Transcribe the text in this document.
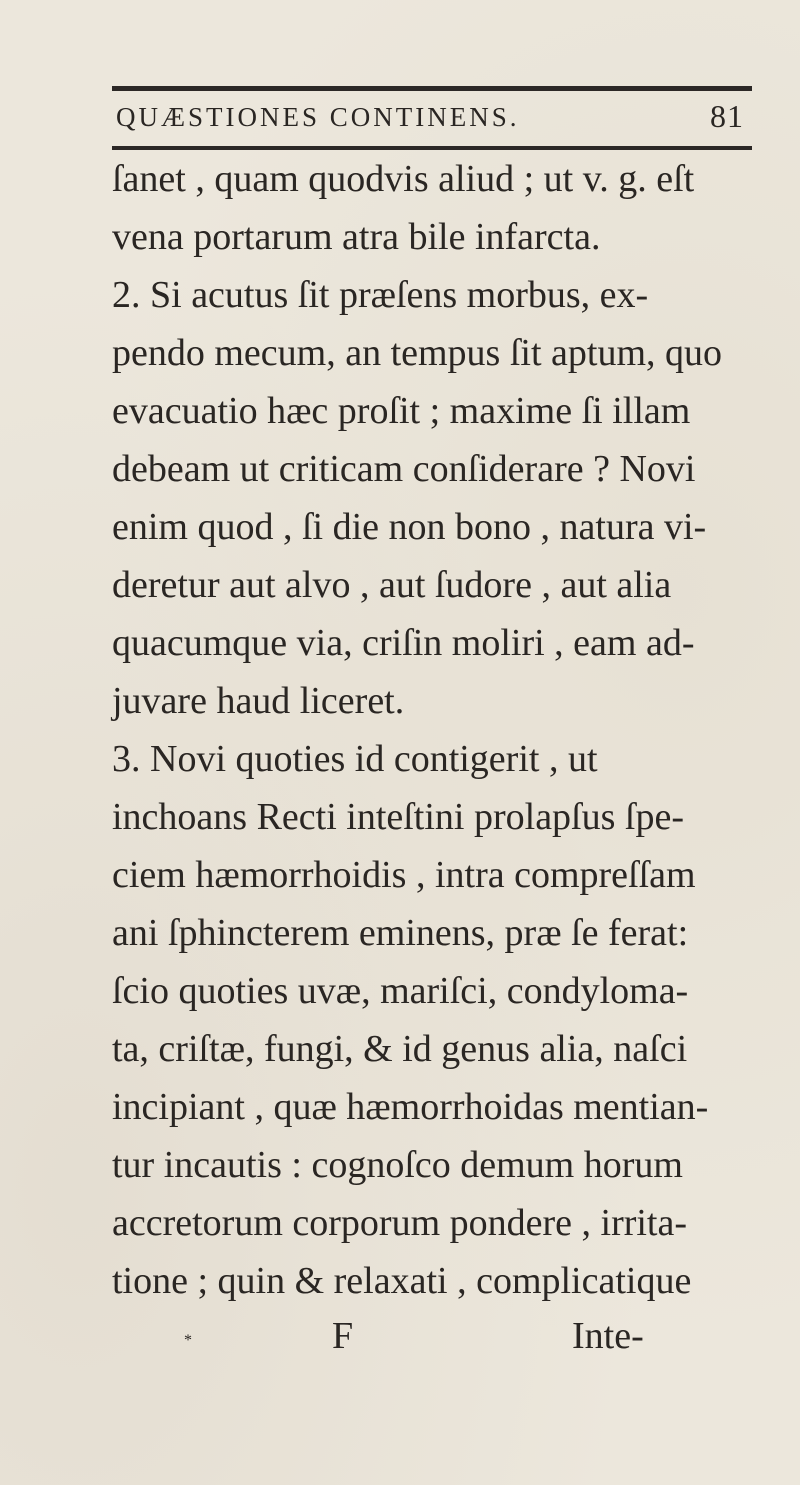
QUÆSTIONES CONTINENS.	81
ſanet , quam quodvis aliud ; ut v. g. eſt
vena portarum atra bile infarcta.
2. Si acutus ſit præſens morbus, ex-
pendo mecum, an tempus ſit aptum, quo
evacuatio hæc proſit ; maxime ſi illam
debeam ut criticam conſiderare ? Novi
enim quod , ſi die non bono , natura vi-
deretur aut alvo , aut ſudore , aut alia
quacumque via, criſin moliri , eam ad-
juvare haud liceret.
3. Novi quoties id contigerit , ut
inchoans Recti inteſtini prolapſus ſpe-
ciem hæmorrhoidis , intra compreſſam
ani ſphincterem eminens, præ ſe ferat:
ſcio quoties uvæ, mariſci, condyloma-
ta, criſtæ, fungi, & id genus alia, naſci
incipiant , quæ hæmorrhoidas mentian-
tur incautis : cognoſco demum horum
accretorum corporum pondere , irrita-
tione ; quin & relaxati , complicatique
*	F	Inte-
